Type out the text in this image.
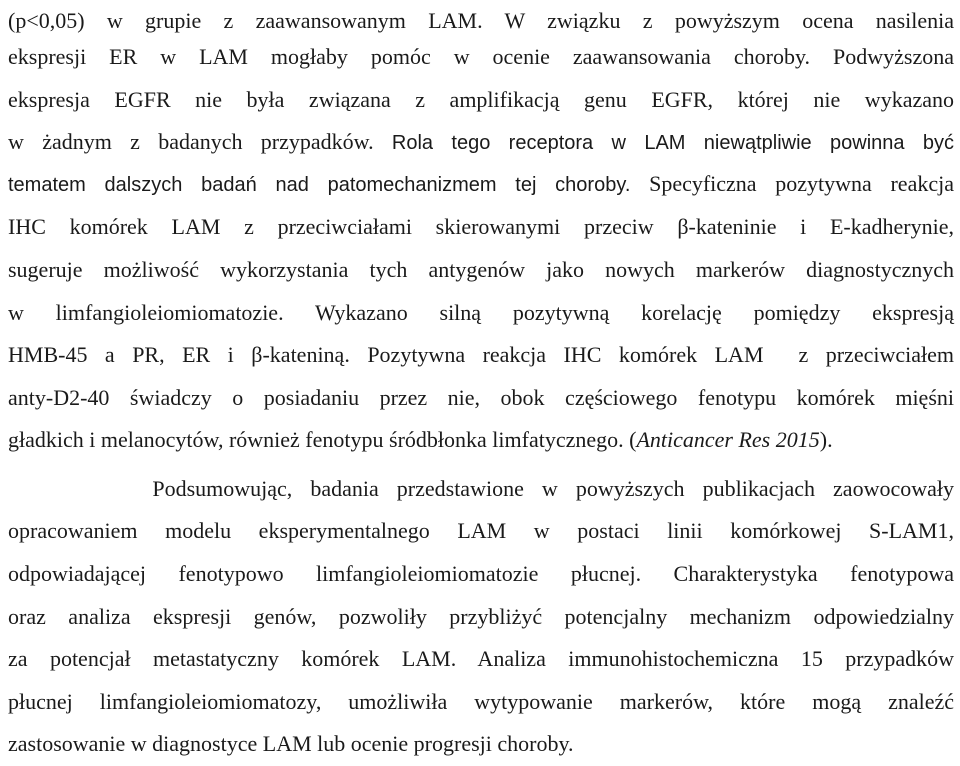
(p<0,05) w grupie z zaawansowanym LAM. W związku z powyższym ocena nasilenia
ekspresji ER w LAM mogłaby pomóc w ocenie zaawansowania choroby. Podwyższona
ekspresja EGFR nie była związana z amplifikacją genu EGFR, której nie wykazano
w żadnym z badanych przypadków. Rola tego receptora w LAM niewątpliwie powinna być
tematem dalszych badań nad patomechanizmem tej choroby. Specyficzna pozytywna reakcja
IHC komórek LAM z przeciwciałami skierowanymi przeciw β-kateninie i E-kadherynie,
sugeruje możliwość wykorzystania tych antygenów jako nowych markerów diagnostycznych
w limfangioleiomiomatozie. Wykazano silną pozytywną korelację pomiędzy ekspresją
HMB-45 a PR, ER i β-kateniną. Pozytywna reakcja IHC komórek LAM  z przeciwciałem
anty-D2-40 świadczy o posiadaniu przez nie, obok częściowego fenotypu komórek mięśni
gładkich i melanocytów, również fenotypu śródbłonka limfatycznego. (Anticancer Res 2015).
Podsumowując, badania przedstawione w powyższych publikacjach zaowocowały
opracowaniem modelu eksperymentalnego LAM w postaci linii komórkowej S-LAM1,
odpowiadającej fenotypowo limfangioleiomiomatozie płucnej. Charakterystyka fenotypowa
oraz analiza ekspresji genów, pozwoliły przybliżyć potencjalny mechanizm odpowiedzialny
za potencjał metastatyczny komórek LAM. Analiza immunohistochemiczna 15 przypadków
płucnej limfangioleiomiomatozy, umożliwiła wytypowanie markerów, które mogą znaleźć
zastosowanie w diagnostyce LAM lub ocenie progresji choroby.
